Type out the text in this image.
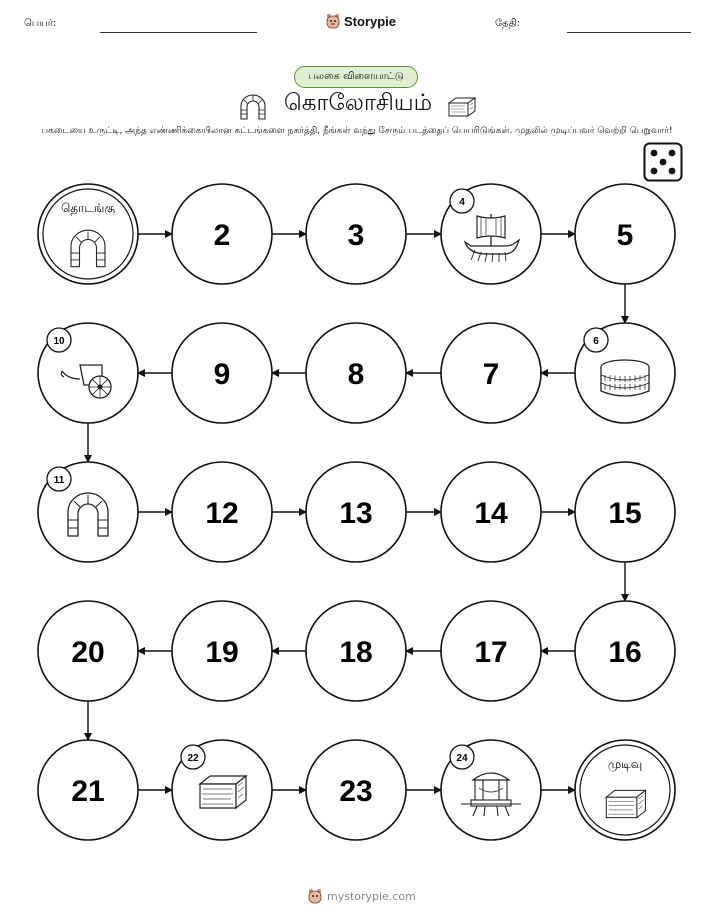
பெயர்:	Storypie	தேதி:
பலகை விளையாட்டு
கொலோசியம்
பகடையை உருட்டி, அந்த எண்ணிக்கையிலான கட்டங்களை நகர்த்தி, நீங்கள் வந்து சேரும் படத்தைப் பெயரிடுங்கள். முதலில் முடிப்பவர் வெற்றி பெறுவார்!
தொடங்கு
2	3
4
5
6
7
8
9
10
11
12	13	14	15
16
17
18
19
20
21
22
23
24	முடிவு
mystorypie.com
